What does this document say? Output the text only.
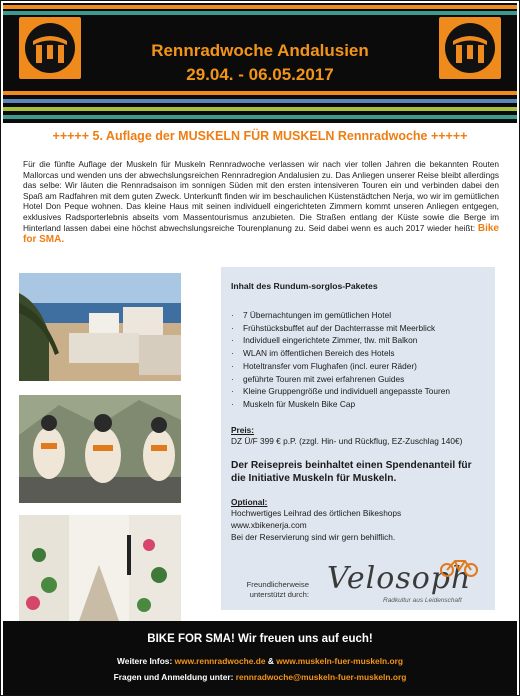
Rennradwoche Andalusien
29.04. - 06.05.2017
+++++ 5. Auflage der MUSKELN FÜR MUSKELN Rennradwoche +++++
Für die fünfte Auflage der Muskeln für Muskeln Rennradwoche verlassen wir nach vier tollen Jahren die bekannten Routen Mallorcas und wenden uns der abwechslungsreichen Rennradregion Andalusien zu. Das Anliegen unserer Reise bleibt allerdings das selbe: Wir läuten die Rennradsaison im sonnigen Süden mit den ersten intensiveren Touren ein und verbinden dabei den Spaß am Radfahren mit dem guten Zweck. Unterkunft finden wir im beschaulichen Küstenstädtchen Nerja, wo wir im gemütlichen Hotel Don Peque wohnen. Das kleine Haus mit seinen individuell eingerichteten Zimmern kommt unseren Anliegen entgegen, exklusives Radsporterlebnis abseits vom Massentourismus anzubieten. Die Straßen entlang der Küste sowie die Berge im Hinterland lassen dabei eine höchst abwechslungsreiche Tourenplanung zu. Seid dabei wenn es auch 2017 wieder heißt: Bike for SMA.
Inhalt des Rundum-sorglos-Paketes
· 7 Übernachtungen im gemütlichen Hotel
· Frühstücksbuffet auf der Dachterrasse mit Meerblick
· Individuell eingerichtete Zimmer, tlw. mit Balkon
· WLAN im öffentlichen Bereich des Hotels
· Hoteltransfer vom Flughafen (incl. eurer Räder)
· geführte Touren mit zwei erfahrenen Guides
· Kleine Gruppengröße und individuell angepasste Touren
· Muskeln für Muskeln Bike Cap
Preis:
DZ Ü/F 399 € p.P. (zzgl. Hin- und Rückflug, EZ-Zuschlag 140€)
Der Reisepreis beinhaltet einen Spendenanteil für die Initiative Muskeln für Muskeln.
Optional:
Hochwertiges Leihrad des örtlichen Bikeshops
www.xbikenerja.com
Bei der Reservierung sind wir gern behilflich.
Freundlicherweise
unterstützt durch: Velosoph
Radkultur aus Leidenschaft
BIKE FOR SMA! Wir freuen uns auf euch!
Weitere Infos: www.rennradwoche.de & www.muskeln-fuer-muskeln.org
Fragen und Anmeldung unter: rennradwoche@muskeln-fuer-muskeln.org
